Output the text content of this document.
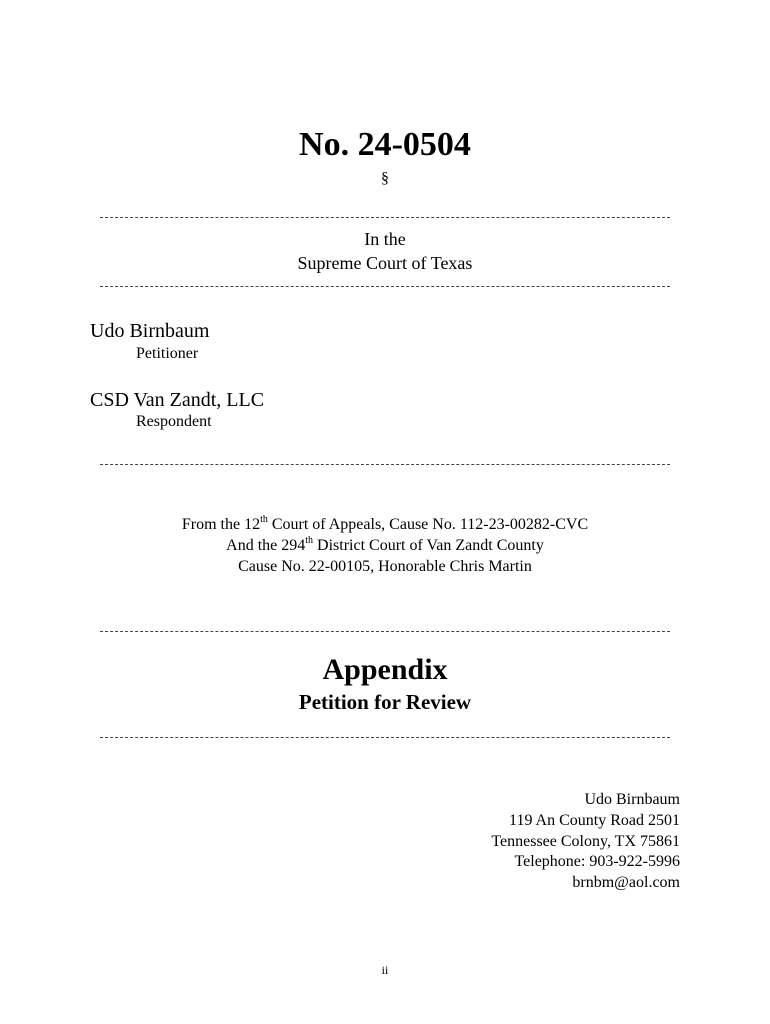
No. 24-0504
§
In the
Supreme Court of Texas
Udo Birnbaum
Petitioner
CSD Van Zandt, LLC
Respondent
From the 12th Court of Appeals, Cause No. 112-23-00282-CVC
And the 294th District Court of Van Zandt County
Cause No. 22-00105, Honorable Chris Martin
Appendix
Petition for Review
Udo Birnbaum
119 An County Road 2501
Tennessee Colony, TX 75861
Telephone: 903-922-5996
brnbm@aol.com
ii
